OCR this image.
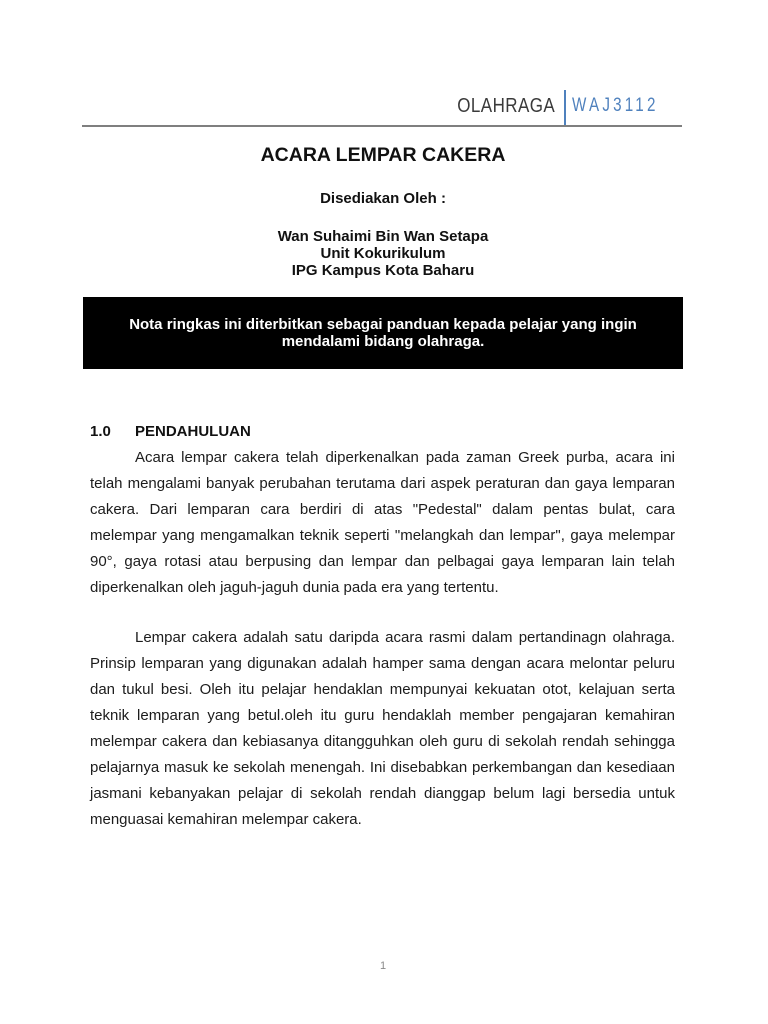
OLAHRAGA WAJ3112
ACARA LEMPAR CAKERA
Disediakan Oleh :
Wan Suhaimi Bin Wan Setapa
Unit Kokurikulum
IPG Kampus Kota Baharu
Nota ringkas ini diterbitkan sebagai panduan kepada pelajar yang ingin
mendalami bidang olahraga.
1.0 PENDAHULUAN
Acara lempar cakera telah diperkenalkan pada zaman Greek purba, acara ini
telah mengalami banyak perubahan terutama dari aspek peraturan dan gaya lemparan
cakera. Dari lemparan cara berdiri di atas "Pedestal" dalam pentas bulat, cara
melempar yang mengamalkan teknik seperti "melangkah dan lempar", gaya melempar
90°, gaya rotasi atau berpusing dan lempar dan pelbagai gaya lemparan lain telah
diperkenalkan oleh jaguh-jaguh dunia pada era yang tertentu.
Lempar cakera adalah satu daripda acara rasmi dalam pertandinagn olahraga.
Prinsip lemparan yang digunakan adalah hamper sama dengan acara melontar peluru
dan tukul besi. Oleh itu pelajar hendaklan mempunyai kekuatan otot, kelajuan serta
teknik lemparan yang betul.oleh itu guru hendaklah member pengajaran kemahiran
melempar cakera dan kebiasanya ditangguhkan oleh guru di sekolah rendah sehingga
pelajarnya masuk ke sekolah menengah. Ini disebabkan perkembangan dan kesediaan
jasmani kebanyakan pelajar di sekolah rendah dianggap belum lagi bersedia untuk
menguasai kemahiran melempar cakera.
1
